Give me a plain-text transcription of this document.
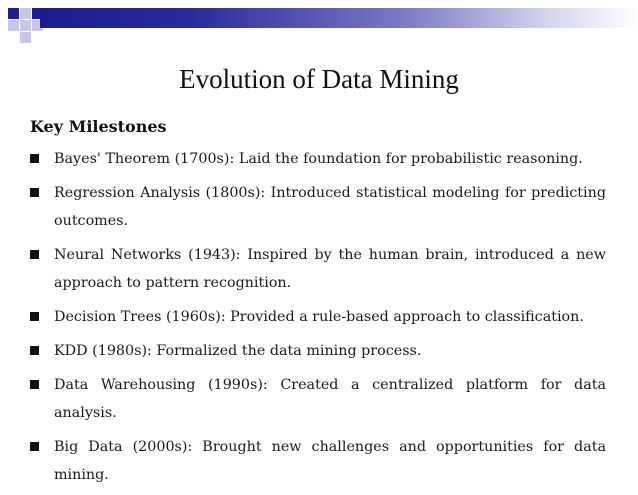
Evolution of Data Mining
Key Milestones
Bayes' Theorem (1700s): Laid the foundation for probabilistic reasoning.
Regression Analysis (1800s): Introduced statistical modeling for predicting outcomes.
Neural Networks (1943): Inspired by the human brain, introduced a new approach to pattern recognition.
Decision Trees (1960s): Provided a rule-based approach to classification.
KDD (1980s): Formalized the data mining process.
Data Warehousing (1990s): Created a centralized platform for data analysis.
Big Data (2000s): Brought new challenges and opportunities for data mining.
